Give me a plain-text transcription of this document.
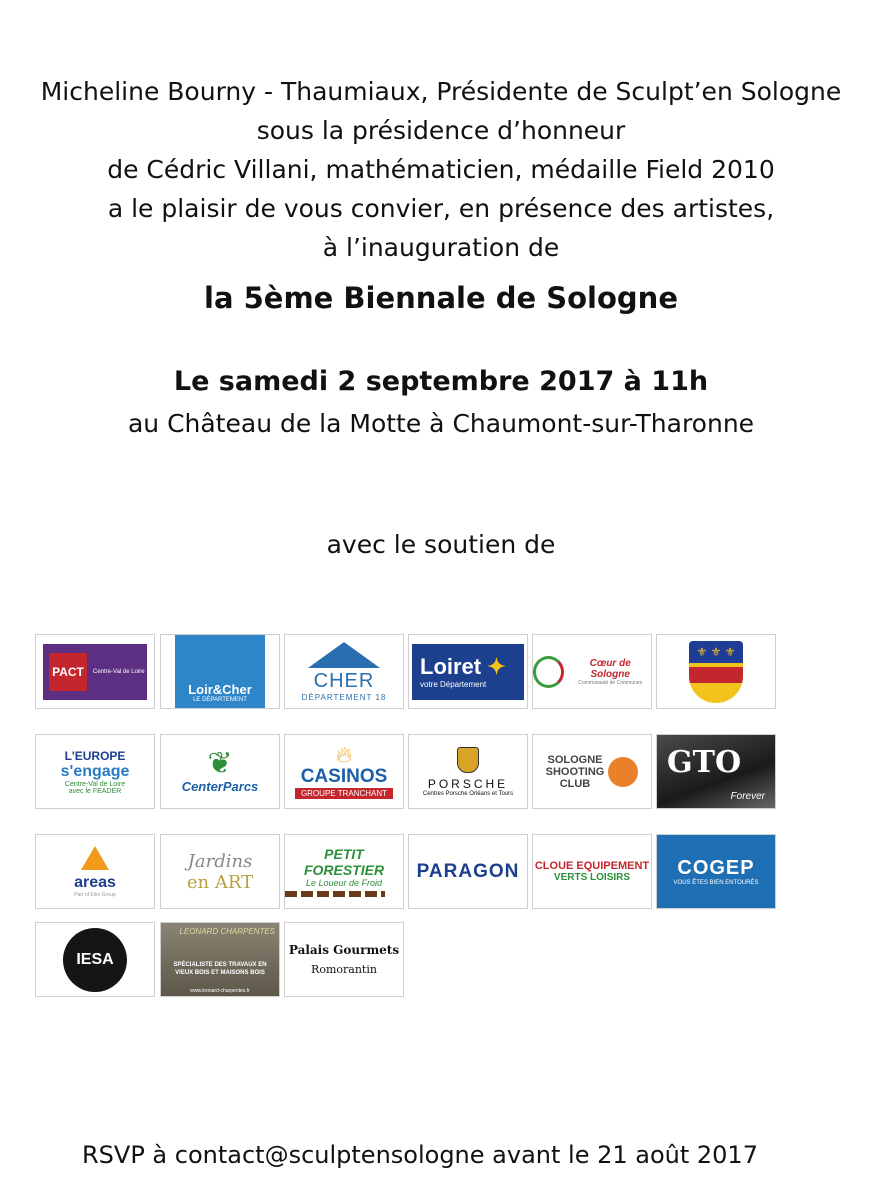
Micheline Bourny - Thaumiaux, Présidente de Sculpt’en Sologne
sous la présidence d’honneur
de Cédric Villani, mathématicien, médaille Field 2010
a le plaisir de vous convier, en présence des artistes,
à l’inauguration de
la 5ème Biennale de Sologne
Le samedi 2 septembre 2017 à 11h
au Château de la Motte à Chaumont-sur-Tharonne
avec le soutien de
PACT	Centre-Val de Loire
Loir&Cher
LE DÉPARTEMENT
CHER
DÉPARTEMENT 18
Loiret ✦
votre Département
Cœur de Sologne
Communauté de Communes
⚜ ⚜ ⚜
L'EUROPE
s'engage
Centre-Val de Loire
avec le FEADER
❦
CenterParcs
🔥︎
CASINOS
GROUPE TRANCHANT
PORSCHE
Centres Porsche Orléans et Tours
SOLOGNE
SHOOTING
CLUB
GTO
Forever
areas
Part of Elior Group
Jardins
en ART
PETIT FORESTIER
Le Loueur de Froid
PARAGON CLOUE EQUIPEMENT
VERTS LOISIRS	COGEP
VOUS ÊTES BIEN ENTOURÉS
IESA
LEONARD CHARPENTES
SPÉCIALISTE DES TRAVAUX EN VIEUX BOIS ET MAISONS BOIS
www.leonard-charpentes.fr
Palais Gourmets
Romorantin
RSVP à contact@sculptensologne avant le 21 août 2017
